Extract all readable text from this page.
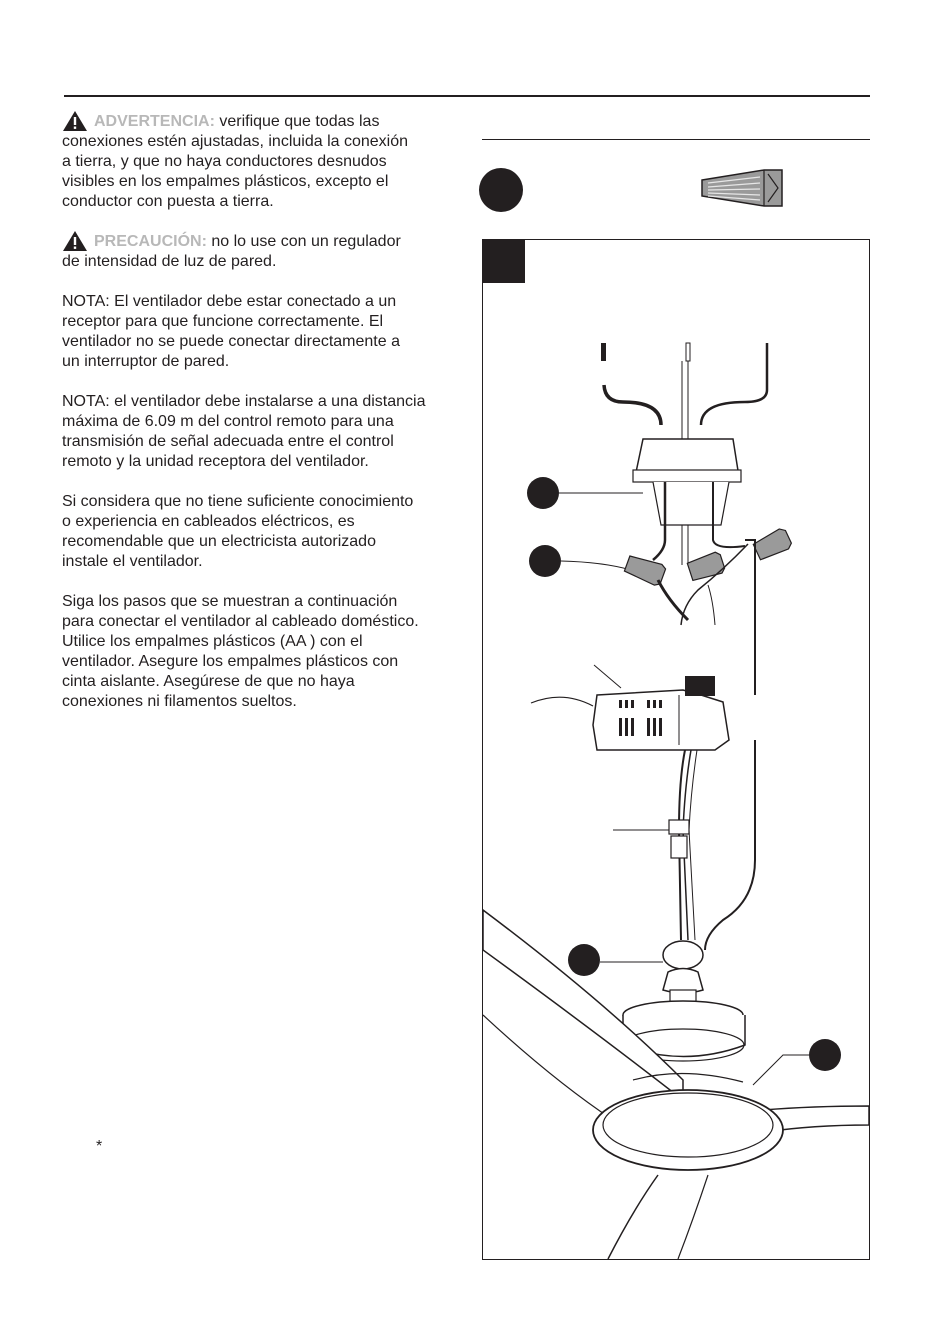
ADVERTENCIA: verifique que todas las
conexiones estén ajustadas, incluida la conexión
a tierra, y que no haya conductores desnudos
visibles en los empalmes plásticos, excepto el
conductor con puesta a tierra.
PRECAUCIÓN: no lo use con un regulador
de intensidad de luz de pared.
NOTA: El ventilador debe estar conectado a un
receptor para que funcione correctamente. El
ventilador no se puede conectar directamente a
un interruptor de pared.
NOTA: el ventilador debe instalarse a una distancia
máxima de 6.09 m del control remoto para una
transmisión de señal adecuada entre el control
remoto y la unidad receptora del ventilador.
Si considera que no tiene suficiente conocimiento
o experiencia en cableados eléctricos, es
recomendable que un electricista autorizado
instale el ventilador.
Siga los pasos que se muestran a continuación
para conectar el ventilador al cableado doméstico.
Utilice los empalmes plásticos (AA ) con el
ventilador. Asegure los empalmes plásticos con
cinta aislante. Asegúrese de que no haya
conexiones ni filamentos sueltos.
*
